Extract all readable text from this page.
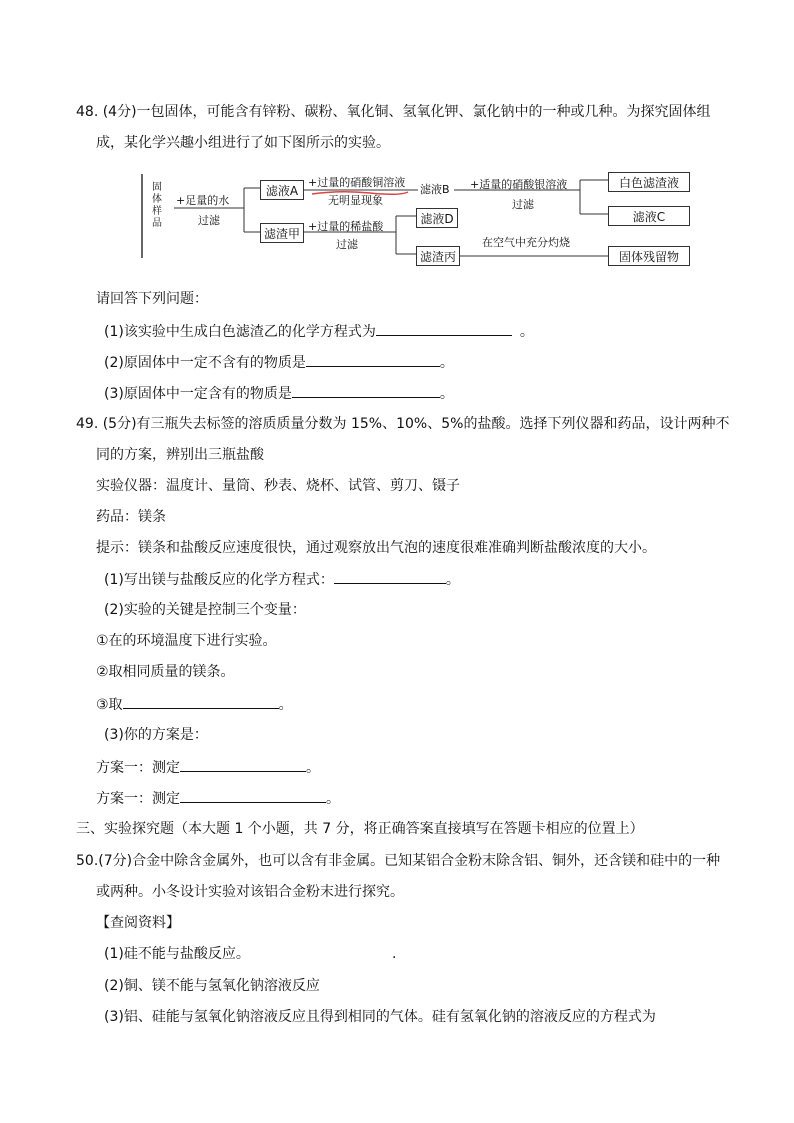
48. (4分)一包固体，可能含有锌粉、碳粉、氧化铜、氢氧化钾、氯化钠中的一种或几种。为探究固体组
成，某化学兴趣小组进行了如下图所示的实验。
固体样品
+足量的水
过滤
滤液A
+过量的硝酸铜溶液
无明显现象
滤液B +适量的硝酸银溶液
过滤
白色滤渣液
滤液C
滤渣甲 +过量的稀盐酸
过滤
滤液D
滤渣丙
在空气中充分灼烧
固体残留物
请回答下列问题：
(1)该实验中生成白色滤渣乙的化学方程式为	。
(2)原固体中一定不含有的物质是	。
(3)原固体中一定含有的物质是	。
49. (5分)有三瓶失去标签的溶质质量分数为 15%、10%、5%的盐酸。选择下列仪器和药品，设计两种不
同的方案，辨别出三瓶盐酸
实验仪器：温度计、量筒、秒表、烧杯、试管、剪刀、镊子
药品：镁条
提示：镁条和盐酸反应速度很快，通过观察放出气泡的速度很难准确判断盐酸浓度的大小。
(1)写出镁与盐酸反应的化学方程式：	。
(2)实验的关键是控制三个变量：
①在的环境温度下进行实验。
②取相同质量的镁条。
③取	。
(3)你的方案是：
方案一：测定	。
方案一：测定	。
三、实验探究题（本大题 1 个小题，共 7 分，将正确答案直接填写在答题卡相应的位置上）
50.(7分)合金中除含金属外，也可以含有非金属。已知某铝合金粉末除含铝、铜外，还含镁和硅中的一种
或两种。小冬设计实验对该铝合金粉末进行探究。
【查阅资料】
(1)硅不能与盐酸反应。	.
(2)铜、镁不能与氢氧化钠溶液反应
(3)铝、硅能与氢氧化钠溶液反应且得到相同的气体。硅有氢氧化钠的溶液反应的方程式为
